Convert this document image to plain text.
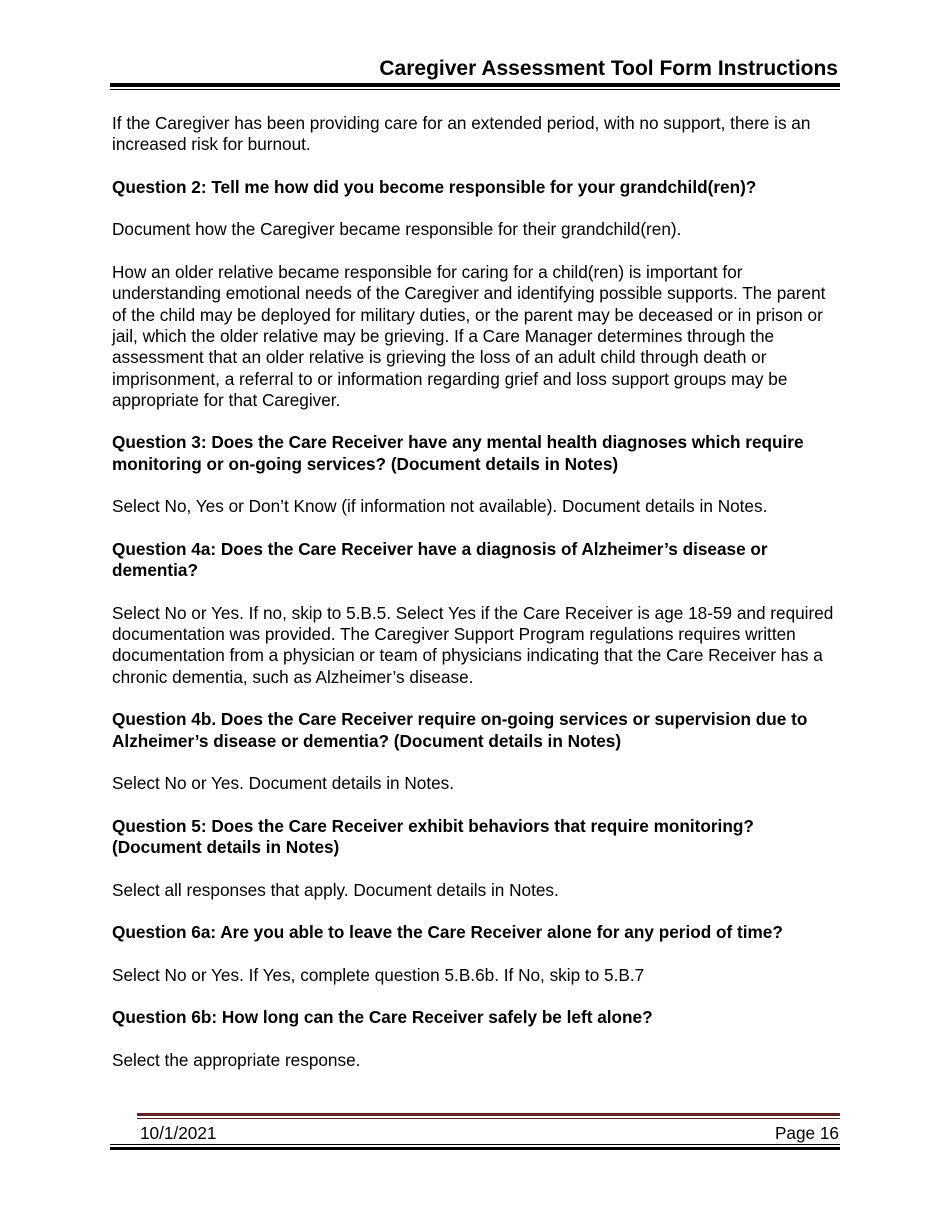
Caregiver Assessment Tool Form Instructions

If the Caregiver has been providing care for an extended period, with no support, there is an increased risk for burnout.

Question 2: Tell me how did you become responsible for your grandchild(ren)?

Document how the Caregiver became responsible for their grandchild(ren).

How an older relative became responsible for caring for a child(ren) is important for understanding emotional needs of the Caregiver and identifying possible supports. The parent of the child may be deployed for military duties, or the parent may be deceased or in prison or jail, which the older relative may be grieving. If a Care Manager determines through the assessment that an older relative is grieving the loss of an adult child through death or imprisonment, a referral to or information regarding grief and loss support groups may be appropriate for that Caregiver.

Question 3: Does the Care Receiver have any mental health diagnoses which require monitoring or on-going services? (Document details in Notes)

Select No, Yes or Don’t Know (if information not available). Document details in Notes.

Question 4a: Does the Care Receiver have a diagnosis of Alzheimer’s disease or dementia?

Select No or Yes. If no, skip to 5.B.5. Select Yes if the Care Receiver is age 18-59 and required documentation was provided. The Caregiver Support Program regulations requires written documentation from a physician or team of physicians indicating that the Care Receiver has a chronic dementia, such as Alzheimer’s disease.

Question 4b. Does the Care Receiver require on-going services or supervision due to Alzheimer’s disease or dementia? (Document details in Notes)

Select No or Yes. Document details in Notes.

Question 5: Does the Care Receiver exhibit behaviors that require monitoring? (Document details in Notes)

Select all responses that apply. Document details in Notes.

Question 6a: Are you able to leave the Care Receiver alone for any period of time?

Select No or Yes. If Yes, complete question 5.B.6b. If No, skip to 5.B.7

Question 6b: How long can the Care Receiver safely be left alone?

Select the appropriate response.

10/1/2021	Page 16
